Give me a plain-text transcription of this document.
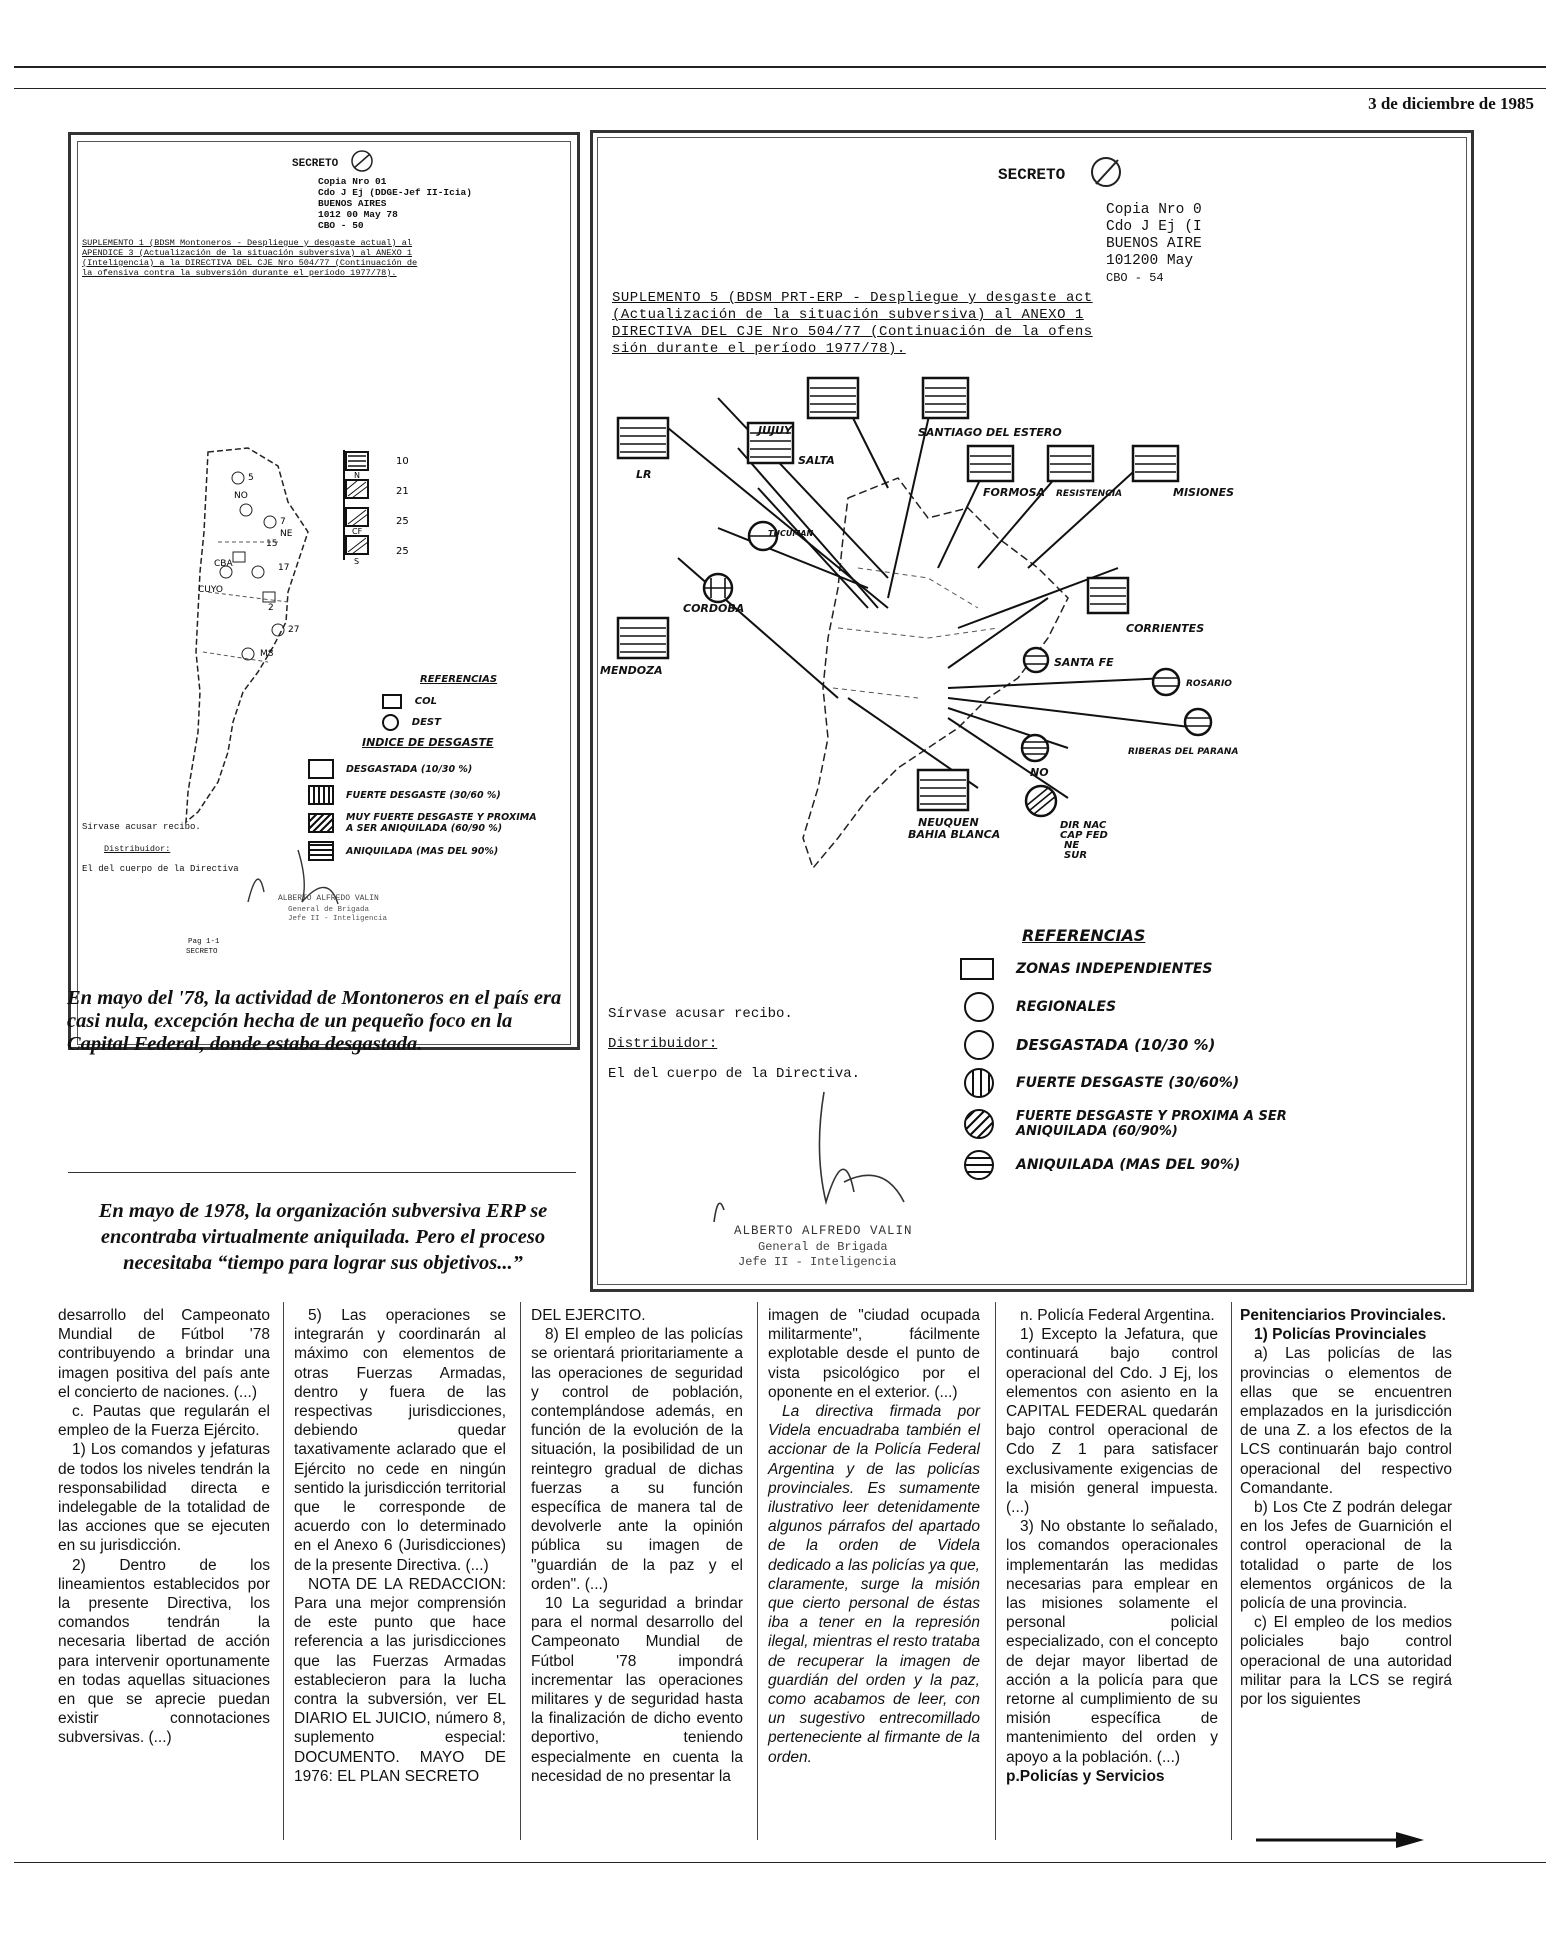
3 de diciembre de 1985
SECRETO
Copia Nro 01
Cdo J Ej (DDGE-Jef II-Icia)
BUENOS AIRES
1012 00 May 78
CBO - 50
SUPLEMENTO 1 (BDSM Montoneros - Despliegue y desgaste actual) al
APENDICE 3 (Actualización de la situación subversiva) al ANEXO 1
(Inteligencia) a la DIRECTIVA DEL CJE Nro 504/77 (Continuación de
la ofensiva contra la subversión durante el período 1977/78).
5
NO
7
NE
15
CBA	17
CUYO
2
27
M8
10
21
25
25
N
CF
S
REFERENCIAS
COL
DEST
INDICE DE DESGASTE
DESGASTADA (10/30 %)
FUERTE DESGASTE (30/60 %)
MUY FUERTE DESGASTE Y PROXIMA A SER ANIQUILADA (60/90 %)
ANIQUILADA (MAS DEL 90%)
Sírvase acusar recibo.
Distribuidor:
El del cuerpo de la Directiva
ALBERTO ALFREDO VALIN
General de Brigada
Jefe II - Inteligencia
Pag 1-1
SECRETO
En mayo del '78, la actividad de Montoneros en el país era casi nula, excepción hecha de un pequeño foco en la Capital Federal, donde estaba desgastada.
En mayo de 1978, la organización subversiva ERP se encontraba virtualmente aniquilada. Pero el proceso necesitaba “tiempo para lograr sus objetivos...”
SECRETO
Copia Nro 0
Cdo J Ej (I
BUENOS AIRE
101200 May
CBO - 54
SUPLEMENTO 5 (BDSM PRT-ERP - Despliegue y desgaste act
(Actualización de la situación subversiva) al ANEXO 1
DIRECTIVA DEL CJE Nro 504/77 (Continuación de la ofens
sión durante el período 1977/78).
JUJUY	SANTIAGO DEL ESTERO
LR
SALTA
FORMOSA RESISTENCIA	MISIONES
TUCUMAN
CORDOBA
CORRIENTES
SANTA FE
MENDOZA
ROSARIO
RIBERAS DEL PARANA
NO
NEUQUEN
BAHIA BLANCA
DIR NAC
CAP FED
NE
SUR
REFERENCIAS
ZONAS INDEPENDIENTES
REGIONALES
DESGASTADA (10/30 %)
FUERTE DESGASTE (30/60%)
FUERTE DESGASTE Y PROXIMA A SER ANIQUILADA (60/90%)
ANIQUILADA (MAS DEL 90%)
Sírvase acusar recibo.
Distribuidor:
El del cuerpo de la Directiva.
ALBERTO ALFREDO VALIN
General de Brigada
Jefe II - Inteligencia

desarrollo del Campeonato Mundial de Fútbol '78 contribuyendo a brindar una imagen positiva del país ante el concierto de naciones. (...)

c. Pautas que regularán el empleo de la Fuerza Ejército.

1) Los comandos y jefaturas de todos los niveles tendrán la responsabilidad directa e indelegable de la totalidad de las acciones que se ejecuten en su jurisdicción.

2) Dentro de los lineamientos establecidos por la presente Directiva, los comandos tendrán la necesaria libertad de acción para intervenir oportunamente en todas aquellas situaciones en que se aprecie puedan existir connotaciones subversivas. (...)

5) Las operaciones se integrarán y coordinarán al máximo con elementos de otras Fuerzas Armadas, dentro y fuera de las respectivas jurisdicciones, debiendo quedar taxativamente aclarado que el Ejército no cede en ningún sentido la jurisdicción territorial que le corresponde de acuerdo con lo determinado en el Anexo 6 (Jurisdicciones) de la presente Directiva. (...)

NOTA DE LA REDACCION: Para una mejor comprensión de este punto que hace referencia a las jurisdicciones que las Fuerzas Armadas establecieron para la lucha contra la subversión, ver EL DIARIO EL JUICIO, número 8, suplemento especial: DOCUMENTO. MAYO DE 1976: EL PLAN SECRETO

DEL EJERCITO.

8) El empleo de las policías se orientará prioritariamente a las operaciones de seguridad y control de población, contemplándose además, en función de la evolución de la situación, la posibilidad de un reintegro gradual de dichas fuerzas a su función específica de manera tal de devolverle ante la opinión pública su imagen de "guardián de la paz y el orden". (...)

10 La seguridad a brindar para el normal desarrollo del Campeonato Mundial de Fútbol '78 impondrá incrementar las operaciones militares y de seguridad hasta la finalización de dicho evento deportivo, teniendo especialmente en cuenta la necesidad de no presentar la

imagen de "ciudad ocupada militarmente", fácilmente explotable desde el punto de vista psicológico por el oponente en el exterior. (...)

La directiva firmada por Videla encuadraba también el accionar de la Policía Federal Argentina y de las policías provinciales. Es sumamente ilustrativo leer detenidamente algunos párrafos del apartado de la orden de Videla dedicado a las policías ya que, claramente, surge la misión que cierto personal de éstas iba a tener en la represión ilegal, mientras el resto trataba de recuperar la imagen de guardián del orden y la paz, como acabamos de leer, con un sugestivo entrecomillado perteneciente al firmante de la orden.

n. Policía Federal Argentina.

1) Excepto la Jefatura, que continuará bajo control operacional del Cdo. J Ej, los elementos con asiento en la CAPITAL FEDERAL quedarán bajo control operacional de Cdo Z 1 para satisfacer exclusivamente exigencias de la misión general impuesta. (...)

3) No obstante lo señalado, los comandos operacionales implementarán las medidas necesarias para emplear en las misiones solamente el personal policial especializado, con el concepto de dejar mayor libertad de acción a la policía para que retorne al cumplimiento de su misión específica de mantenimiento del orden y apoyo a la población. (...)

p.Policías y Servicios

Penitenciarios Provinciales.

1) Policías Provinciales

a) Las policías de las provincias o elementos de ellas que se encuentren emplazados en la jurisdicción de una Z. a los efectos de la LCS continuarán bajo control operacional del respectivo Comandante.

b) Los Cte Z podrán delegar en los Jefes de Guarnición el control operacional de la totalidad o parte de los elementos orgánicos de la policía de una provincia.

c) El empleo de los medios policiales bajo control operacional de una autoridad militar para la LCS se regirá por los siguientes
